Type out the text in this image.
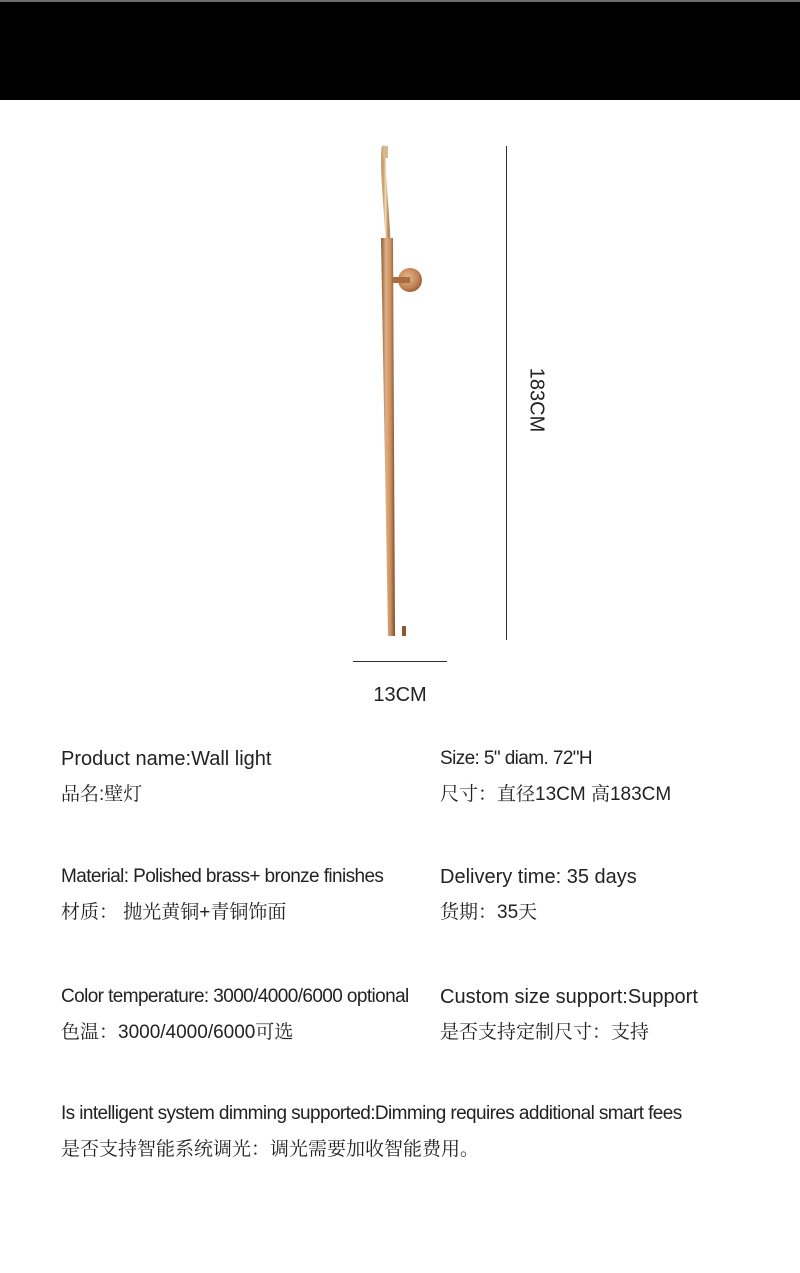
183CM
13CM
Product name:Wall light
品名:壁灯
Size: 5" diam. 72"H
尺寸：直径13CM 高183CM
Material: Polished brass+ bronze finishes
材质： 抛光黄铜+青铜饰面
Delivery time: 35 days
货期：35天
Color temperature: 3000/4000/6000 optional
色温：3000/4000/6000可选
Custom size support:Support
是否支持定制尺寸：支持
Is intelligent system dimming supported:Dimming requires additional smart fees
是否支持智能系统调光：调光需要加收智能费用。
